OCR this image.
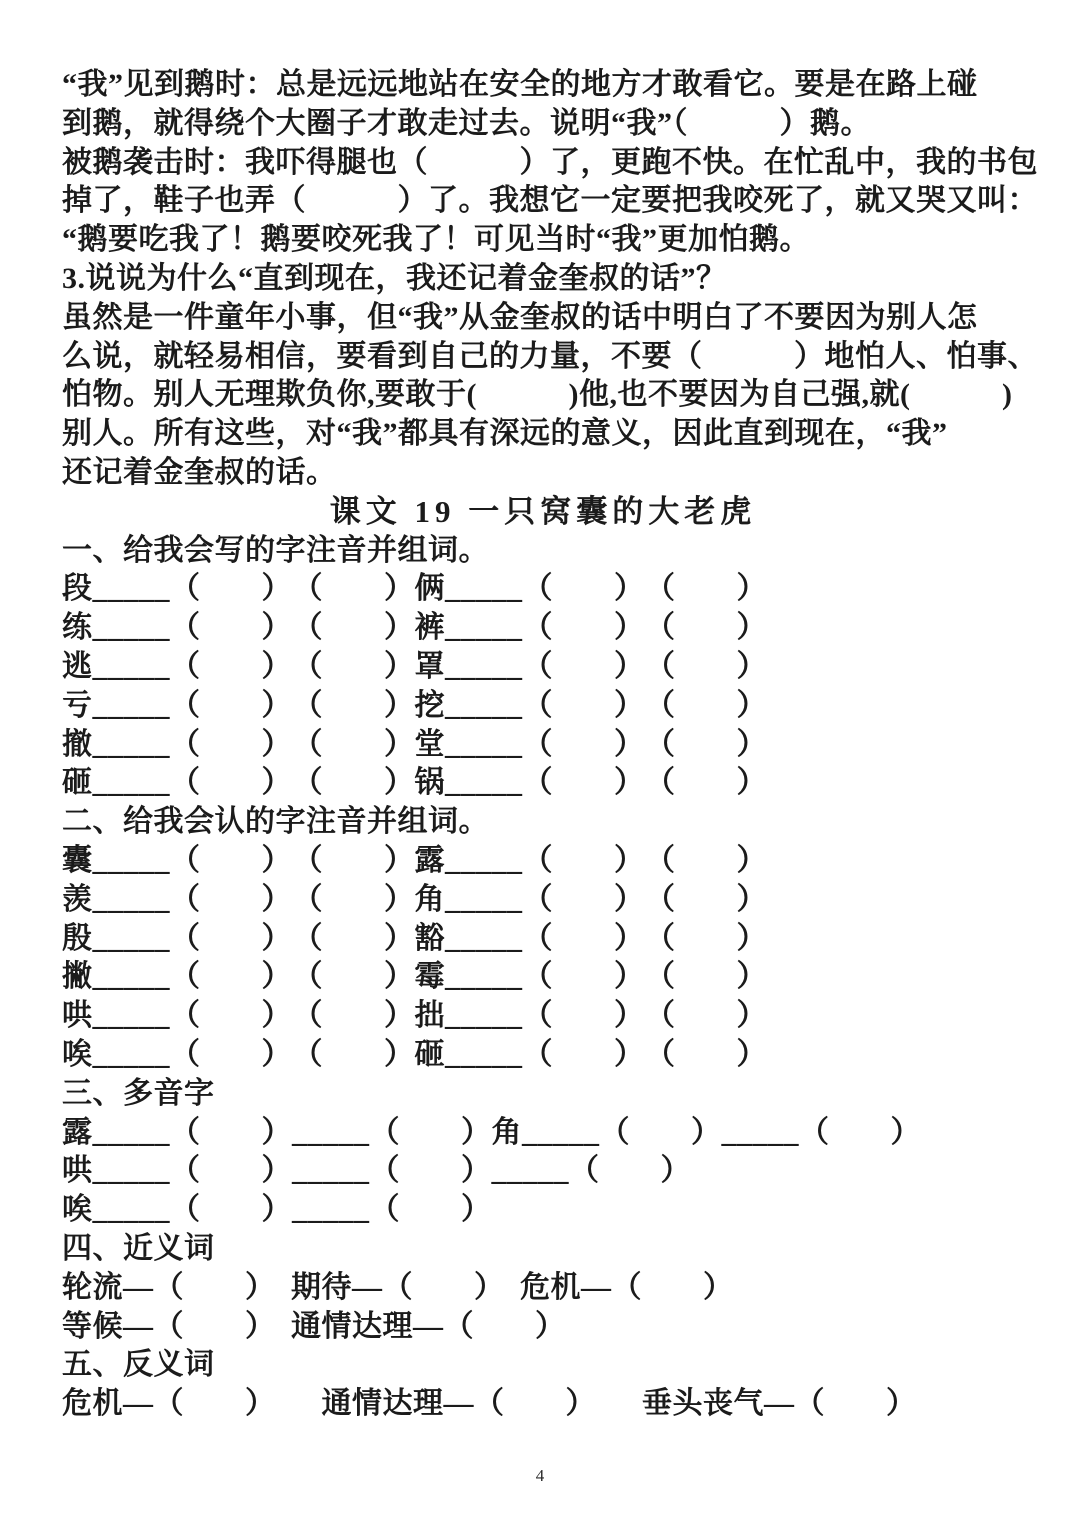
“我”见到鹅时：总是远远地站在安全的地方才敢看它。要是在路上碰
到鹅，就得绕个大圈子才敢走过去。说明“我”（　　　）鹅。
被鹅袭击时：我吓得腿也（　　　）了，更跑不快。在忙乱中，我的书包
掉了，鞋子也弄（　　　）了。我想它一定要把我咬死了，就又哭又叫：
“鹅要吃我了！鹅要咬死我了！可见当时“我”更加怕鹅。
3.说说为什么“直到现在，我还记着金奎叔的话”？
虽然是一件童年小事，但“我”从金奎叔的话中明白了不要因为别人怎
么说，就轻易相信，要看到自己的力量，不要（　　　）地怕人、怕事、
怕物。别人无理欺负你,要敢于(　　　)他,也不要因为自己强,就(　　　)
别人。所有这些，对“我”都具有深远的意义，因此直到现在，“我”
还记着金奎叔的话。
课文 19 一只窝囊的大老虎
一、给我会写的字注音并组词。
段_____（　　）　（　　）俩_____（　　）　（　　）
练_____（　　）　（　　）裤_____（　　）　（　　）
逃_____（　　）　（　　）罩_____（　　）　（　　）
亏_____（　　）　（　　）挖_____（　　）　（　　）
撤_____（　　）　（　　）堂_____（　　）　（　　）
砸_____（　　）　（　　）锅_____（　　）　（　　）
二、给我会认的字注音并组词。
囊_____（　　）　（　　）露_____（　　）　（　　）
羡_____（　　）　（　　）角_____（　　）　（　　）
殷_____（　　）　（　　）豁_____（　　）　（　　）
撇_____（　　）　（　　）霉_____（　　）　（　　）
哄_____（　　）　（　　）拙_____（　　）　（　　）
唉_____（　　）　（　　）砸_____（　　）　（　　）
三、多音字
露_____（　　）_____（　　）角_____（　　）_____（　　）
哄_____（　　）_____（　　）_____（　　）
唉_____（　　）_____（　　）
四、近义词
轮流—（　　）　期待—（　　）　危机—（　　）
等候—（　　）　通情达理—（　　）
五、反义词
危机—（　　）　　通情达理—（　　）　　垂头丧气—（　　）
4
